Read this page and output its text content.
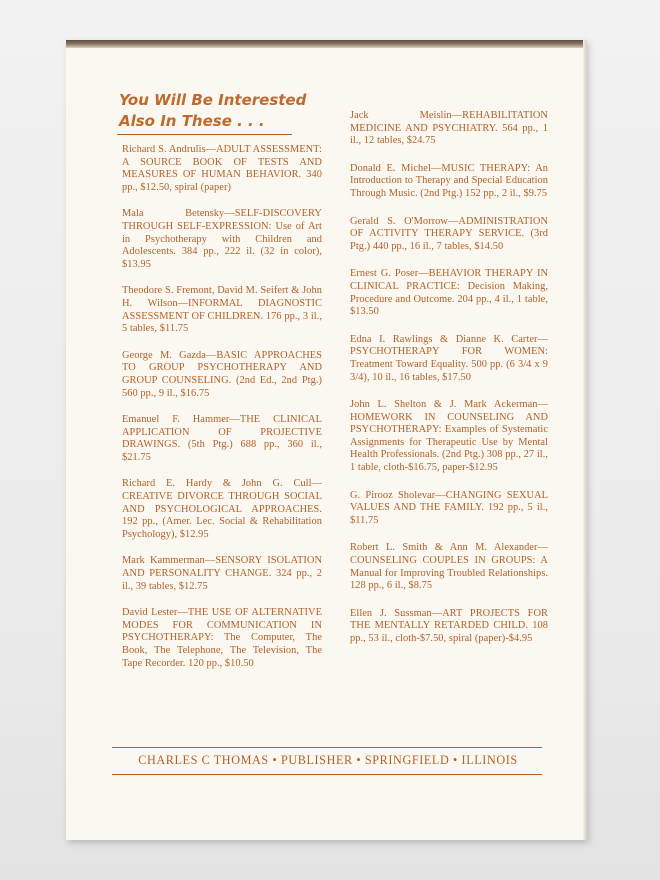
You Will Be Interested
Also In These . . .
Richard S. Andrulis—ADULT ASSESSMENT: A SOURCE BOOK OF TESTS AND MEASURES OF HUMAN BEHAVIOR. 340 pp., $12.50, spiral (paper)
Mala Betensky—SELF-DISCOVERY THROUGH SELF-EXPRESSION: Use of Art in Psychotherapy with Children and Adolescents. 384 pp., 222 il. (32 in color), $13.95
Theodore S. Fremont, David M. Seifert & John H. Wilson—INFORMAL DIAGNOSTIC ASSESSMENT OF CHILDREN. 176 pp., 3 il., 5 tables, $11.75
George M. Gazda—BASIC APPROACHES TO GROUP PSYCHOTHERAPY AND GROUP COUNSELING. (2nd Ed., 2nd Ptg.) 560 pp., 9 il., $16.75
Emanuel F. Hammer—THE CLINICAL APPLICATION OF PROJECTIVE DRAWINGS. (5th Ptg.) 688 pp., 360 il., $21.75
Richard E. Hardy & John G. Cull—CREATIVE DIVORCE THROUGH SOCIAL AND PSYCHOLOGICAL APPROACHES. 192 pp., (Amer. Lec. Social & Rehabilitation Psychology), $12.95
Mark Kammerman—SENSORY ISOLATION AND PERSONALITY CHANGE. 324 pp., 2 il., 39 tables, $12.75
David Lester—THE USE OF ALTERNATIVE MODES FOR COMMUNICATION IN PSYCHOTHERAPY: The Computer, The Book, The Telephone, The Television, The Tape Recorder. 120 pp., $10.50
Jack Meislin—REHABILITATION MEDICINE AND PSYCHIATRY. 564 pp., 1 il., 12 tables, $24.75
Donald E. Michel—MUSIC THERAPY: An Introduction to Therapy and Special Education Through Music. (2nd Ptg.) 152 pp., 2 il., $9.75
Gerald S. O'Morrow—ADMINISTRATION OF ACTIVITY THERAPY SERVICE. (3rd Ptg.) 440 pp., 16 il., 7 tables, $14.50
Ernest G. Poser—BEHAVIOR THERAPY IN CLINICAL PRACTICE: Decision Making, Procedure and Outcome. 204 pp., 4 il., 1 table, $13.50
Edna I. Rawlings & Dianne K. Carter—PSYCHOTHERAPY FOR WOMEN: Treatment Toward Equality. 500 pp. (6 3/4 x 9 3/4), 10 il., 16 tables, $17.50
John L. Shelton & J. Mark Ackerman—HOMEWORK IN COUNSELING AND PSYCHOTHERAPY: Examples of Systematic Assignments for Therapeutic Use by Mental Health Professionals. (2nd Ptg.) 308 pp., 27 il., 1 table, cloth-$16.75, paper-$12.95
G. Pirooz Sholevar—CHANGING SEXUAL VALUES AND THE FAMILY. 192 pp., 5 il., $11.75
Robert L. Smith & Ann M. Alexander—COUNSELING COUPLES IN GROUPS: A Manual for Improving Troubled Relationships. 128 pp., 6 il., $8.75
Ellen J. Sussman—ART PROJECTS FOR THE MENTALLY RETARDED CHILD. 108 pp., 53 il., cloth-$7.50, spiral (paper)-$4.95
CHARLES C THOMAS • PUBLISHER • SPRINGFIELD • ILLINOIS
